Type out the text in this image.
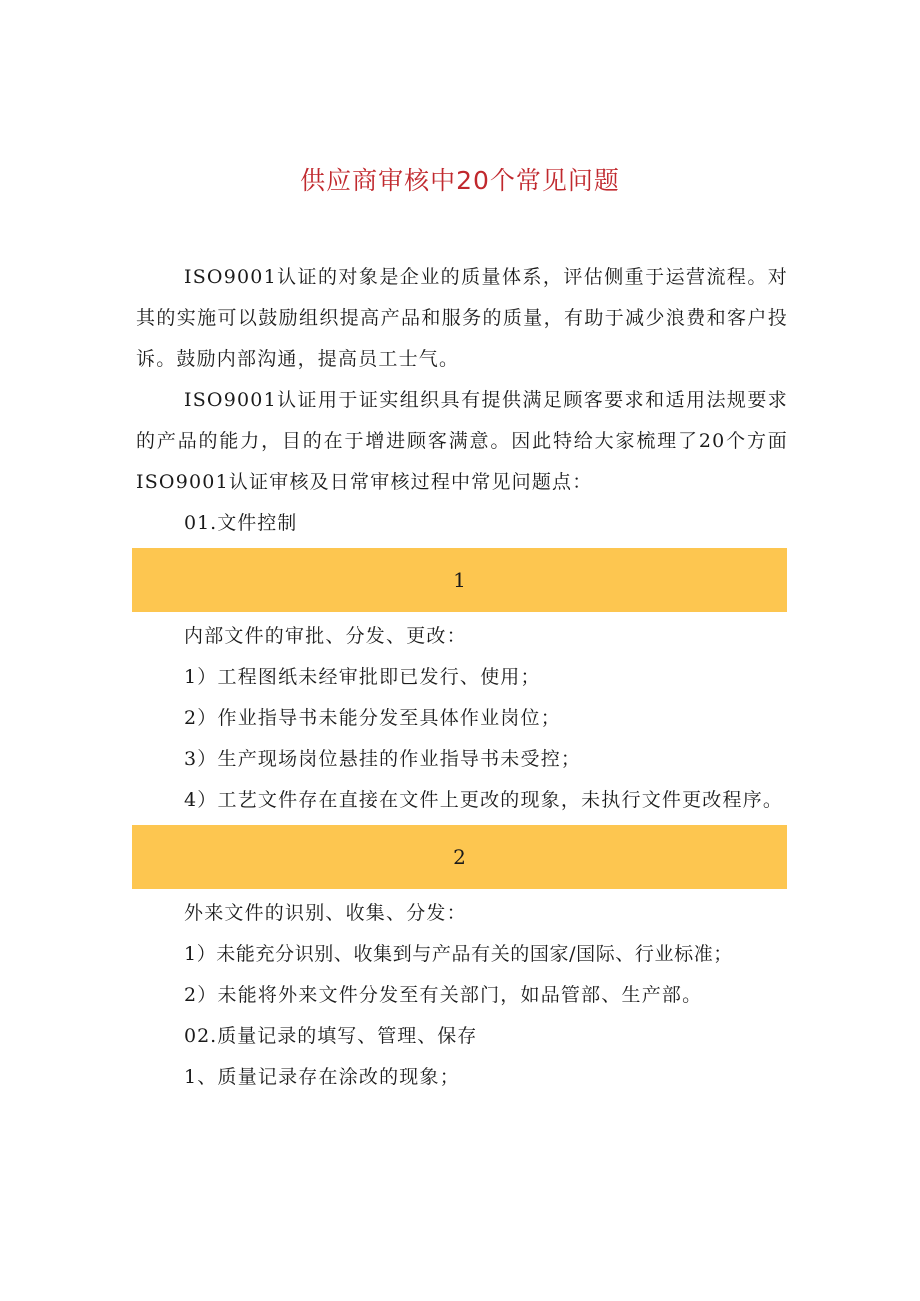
供应商审核中20个常见问题

ISO9001认证的对象是企业的质量体系，评估侧重于运营流程。对其的实施可以鼓励组织提高产品和服务的质量，有助于减少浪费和客户投诉。鼓励内部沟通，提高员工士气。

ISO9001认证用于证实组织具有提供满足顾客要求和适用法规要求的产品的能力，目的在于增进顾客满意。因此特给大家梳理了20个方面ISO9001认证审核及日常审核过程中常见问题点：

01.文件控制

1

内部文件的审批、分发、更改：

1）工程图纸未经审批即已发行、使用；

2）作业指导书未能分发至具体作业岗位；

3）生产现场岗位悬挂的作业指导书未受控；

4）工艺文件存在直接在文件上更改的现象，未执行文件更改程序。

2

外来文件的识别、收集、分发：

1）未能充分识别、收集到与产品有关的国家/国际、行业标准；

2）未能将外来文件分发至有关部门，如品管部、生产部。

02.质量记录的填写、管理、保存

1、质量记录存在涂改的现象；
